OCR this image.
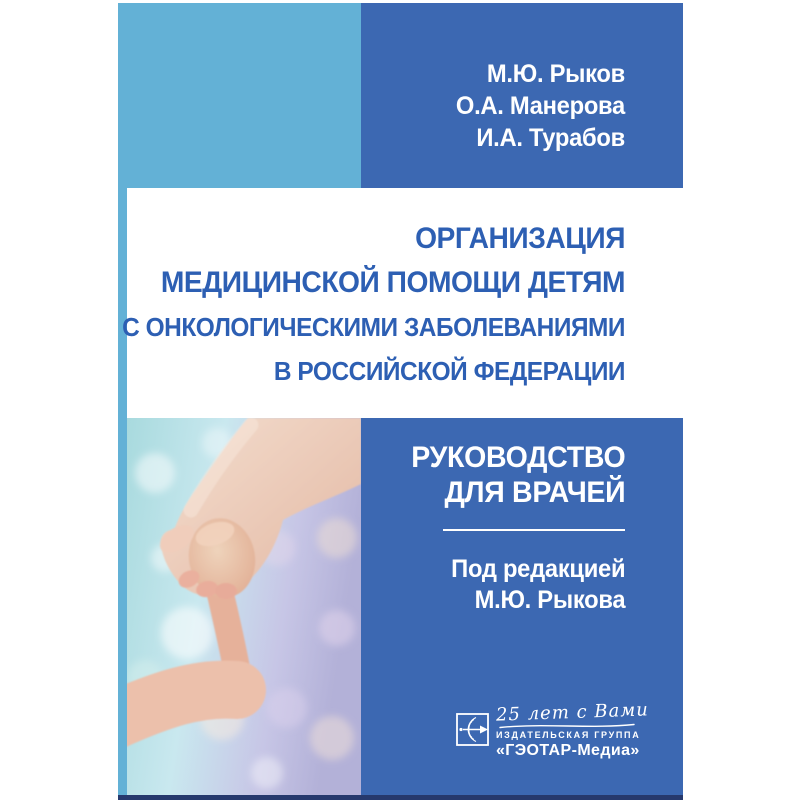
М.Ю. Рыков
О.А. Манерова
И.А. Турабов
ОРГАНИЗАЦИЯ
МЕДИЦИНСКОЙ ПОМОЩИ ДЕТЯМ
С ОНКОЛОГИЧЕСКИМИ ЗАБОЛЕВАНИЯМИ
В РОССИЙСКОЙ ФЕДЕРАЦИИ
РУКОВОДСТВО
ДЛЯ ВРАЧЕЙ
Под редакцией
М.Ю. Рыкова
25 лет с Вами
ИЗДАТЕЛЬСКАЯ ГРУППА
«ГЭОТАР-Медиа»
